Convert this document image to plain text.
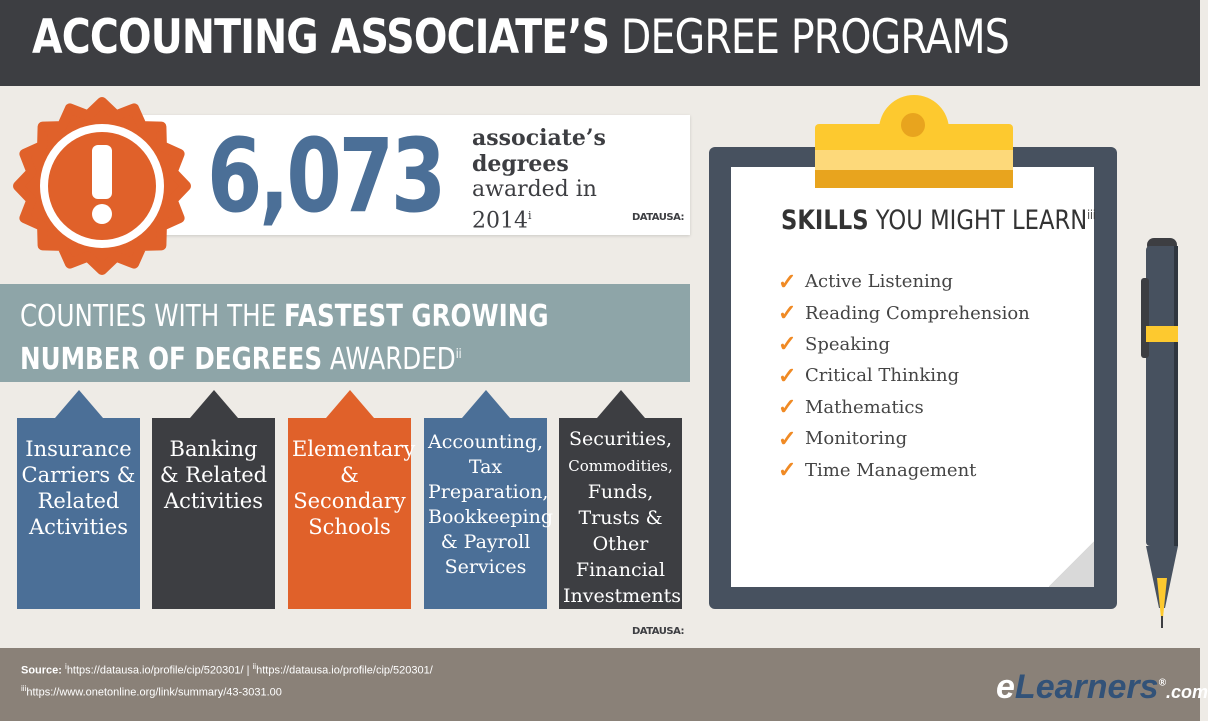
ACCOUNTING ASSOCIATE’S DEGREE PROGRAMS
6,073 associate’s
degrees
awarded in
2014$^i$	DATAUSA:
COUNTIES WITH THE FASTEST GROWING NUMBER OF DEGREES AWARDED$^{ii}$
Insurance
Carriers &
Related
Activities
Banking
& Related
Activities
Elementary
&
Secondary
Schools
Accounting,
Tax
Preparation,
Bookkeeping
& Payroll
Services
Securities,
Commodities,
Funds,
Trusts &
Other
Financial
Investments
DATAUSA:
SKILLS YOU MIGHT LEARN$^{iii}$
✓ Active Listening
✓ Reading Comprehension
✓ Speaking
✓ Critical Thinking
✓ Mathematics
✓ Monitoring
✓ Time Management
Source: $^i$https://datausa.io/profile/cip/520301/ | $^{ii}$https://datausa.io/profile/cip/520301/
$^{iii}$https://www.onetonline.org/link/summary/43-3031.00	eLearners®.com
